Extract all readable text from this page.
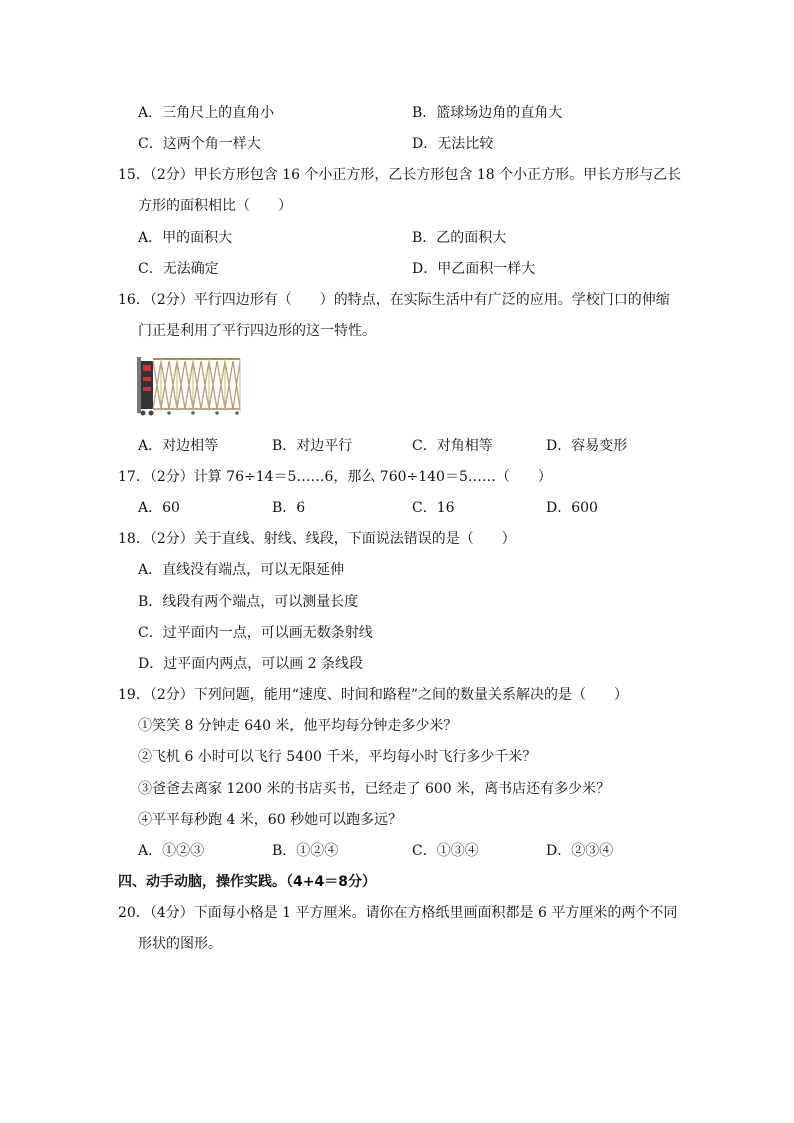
A．三角尺上的直角小	B．篮球场边角的直角大
C．这两个角一样大	D．无法比较
15．（2分）甲长方形包含 16 个小正方形，乙长方形包含 18 个小正方形。甲长方形与乙长
方形的面积相比（　　）
A．甲的面积大	B．乙的面积大
C．无法确定	D．甲乙面积一样大
16．（2分）平行四边形有（　　）的特点，在实际生活中有广泛的应用。学校门口的伸缩
门正是利用了平行四边形的这一特性。
A．对边相等	B．对边平行	C．对角相等	D．容易变形
17．（2分）计算 76÷14＝5……6，那么 760÷140＝5……（　　）
A．60	B．6	C．16	D．600
18．（2分）关于直线、射线、线段，下面说法错误的是（　　）
A．直线没有端点，可以无限延伸
B．线段有两个端点，可以测量长度
C．过平面内一点，可以画无数条射线
D．过平面内两点，可以画 2 条线段
19．（2分）下列问题，能用“速度、时间和路程”之间的数量关系解决的是（　　）
①笑笑 8 分钟走 640 米，他平均每分钟走多少米？
②飞机 6 小时可以飞行 5400 千米，平均每小时飞行多少千米？
③爸爸去离家 1200 米的书店买书，已经走了 600 米，离书店还有多少米？
④平平每秒跑 4 米，60 秒她可以跑多远？
A．①②③	B．①②④	C．①③④	D．②③④
四、动手动脑，操作实践。（4+4＝8分）
20．（4分）下面每小格是 1 平方厘米。请你在方格纸里画面积都是 6 平方厘米的两个不同
形状的图形。
